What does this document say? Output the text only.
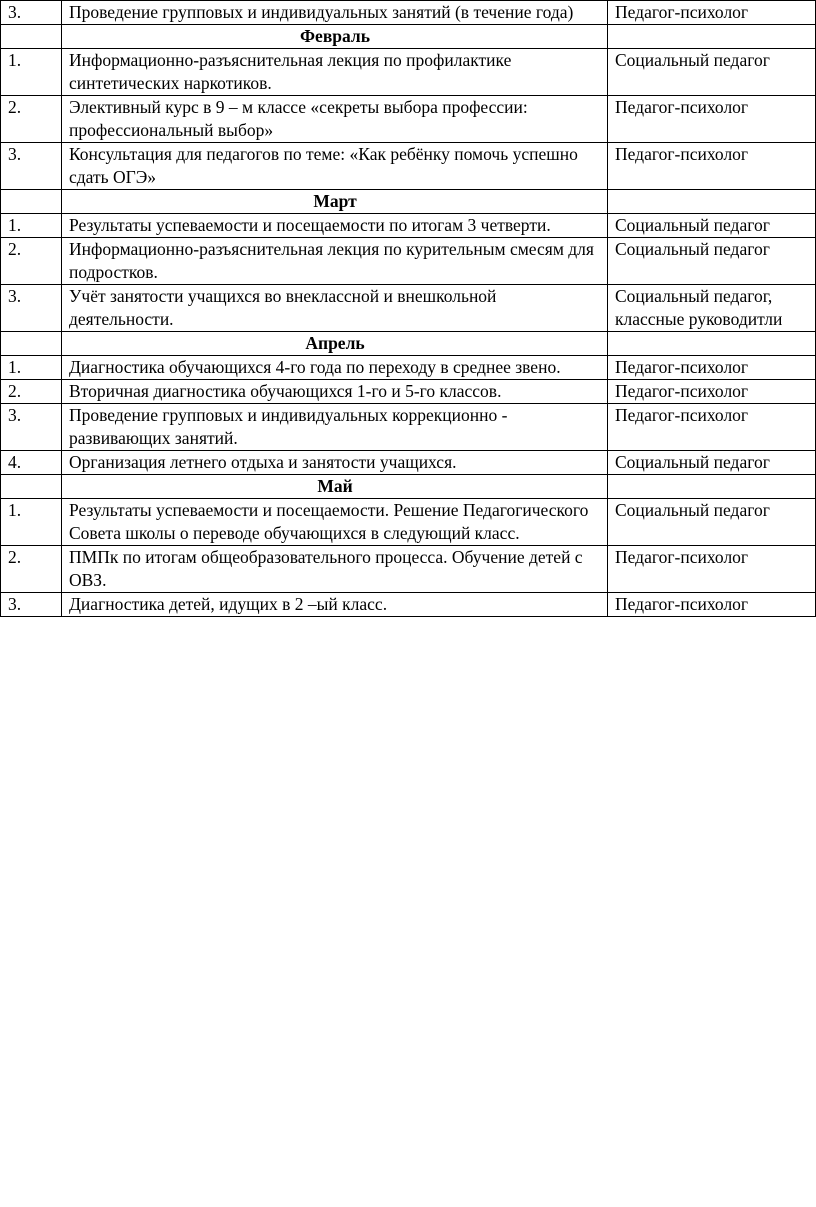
3.	Проведение групповых и индивидуальных занятий (в течение года)	Педагог-психолог
	Февраль	
1.	Информационно-разъяснительная лекция по профилактике синтетических наркотиков.	Социальный педагог
2.	Элективный курс в 9 – м классе «секреты выбора профессии: профессиональный выбор»	Педагог-психолог
3.	Консультация для педагогов по теме: «Как ребёнку помочь успешно сдать ОГЭ»	Педагог-психолог
	Март	
1.	Результаты успеваемости и посещаемости по итогам 3 четверти.	Социальный педагог
2.	Информационно-разъяснительная лекция по курительным смесям для подростков.	Социальный педагог
3.	Учёт занятости учащихся во внеклассной и внешкольной деятельности.	Социальный педагог, классные руководитли
	Апрель	
1.	Диагностика обучающихся 4-го года по переходу в среднее звено.	Педагог-психолог
2.	Вторичная диагностика обучающихся 1-го и 5-го классов.	Педагог-психолог
3.	Проведение групповых и индивидуальных коррекционно - развивающих занятий.	Педагог-психолог
4.	Организация летнего отдыха и занятости учащихся.	Социальный педагог
	Май	
1.	Результаты успеваемости и посещаемости. Решение Педагогического Совета школы о переводе обучающихся в следующий класс.	Социальный педагог
2.	ПМПк по итогам общеобразовательного процесса. Обучение детей с ОВЗ.	Педагог-психолог
3.	Диагностика детей, идущих в 2 –ый класс.	Педагог-психолог
